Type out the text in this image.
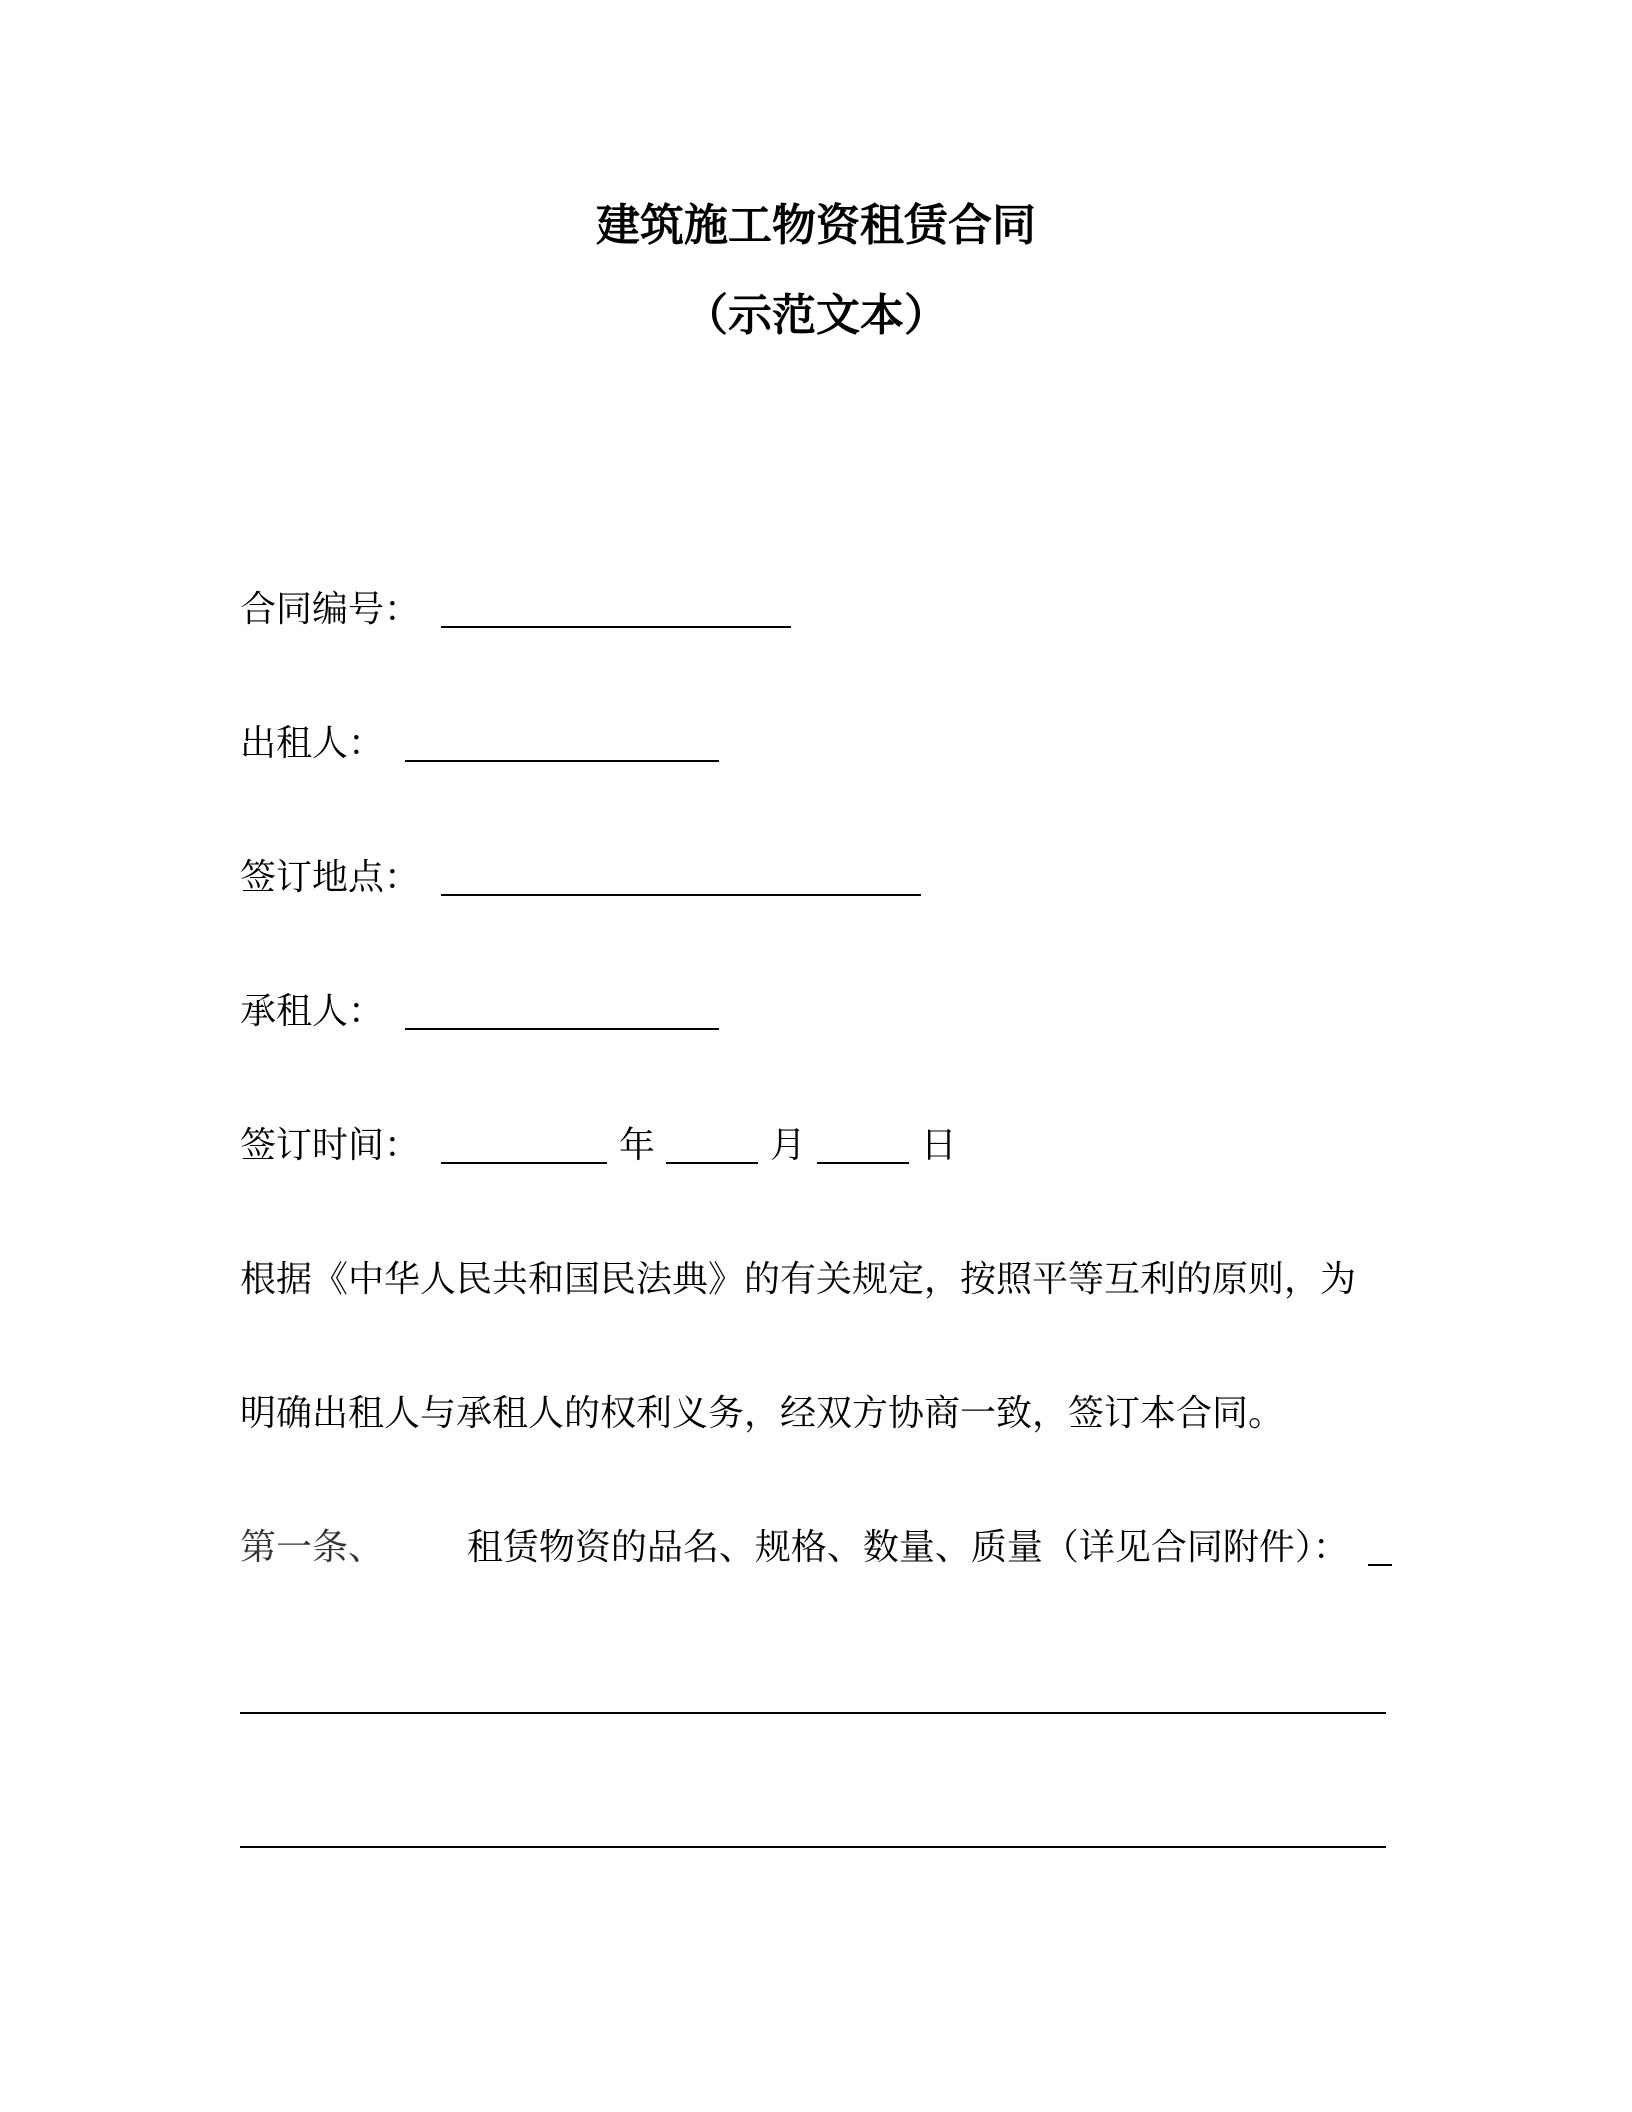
建筑施工物资租赁合同
（示范文本）
合同编号：
出租人：
签订地点：
承租人：
签订时间：	年	月	日
根据《中华人民共和国民法典》的有关规定，按照平等互利的原则，为
明确出租人与承租人的权利义务，经双方协商一致，签订本合同。
第一条、 租赁物资的品名、规格、数量、质量（详见合同附件）：
